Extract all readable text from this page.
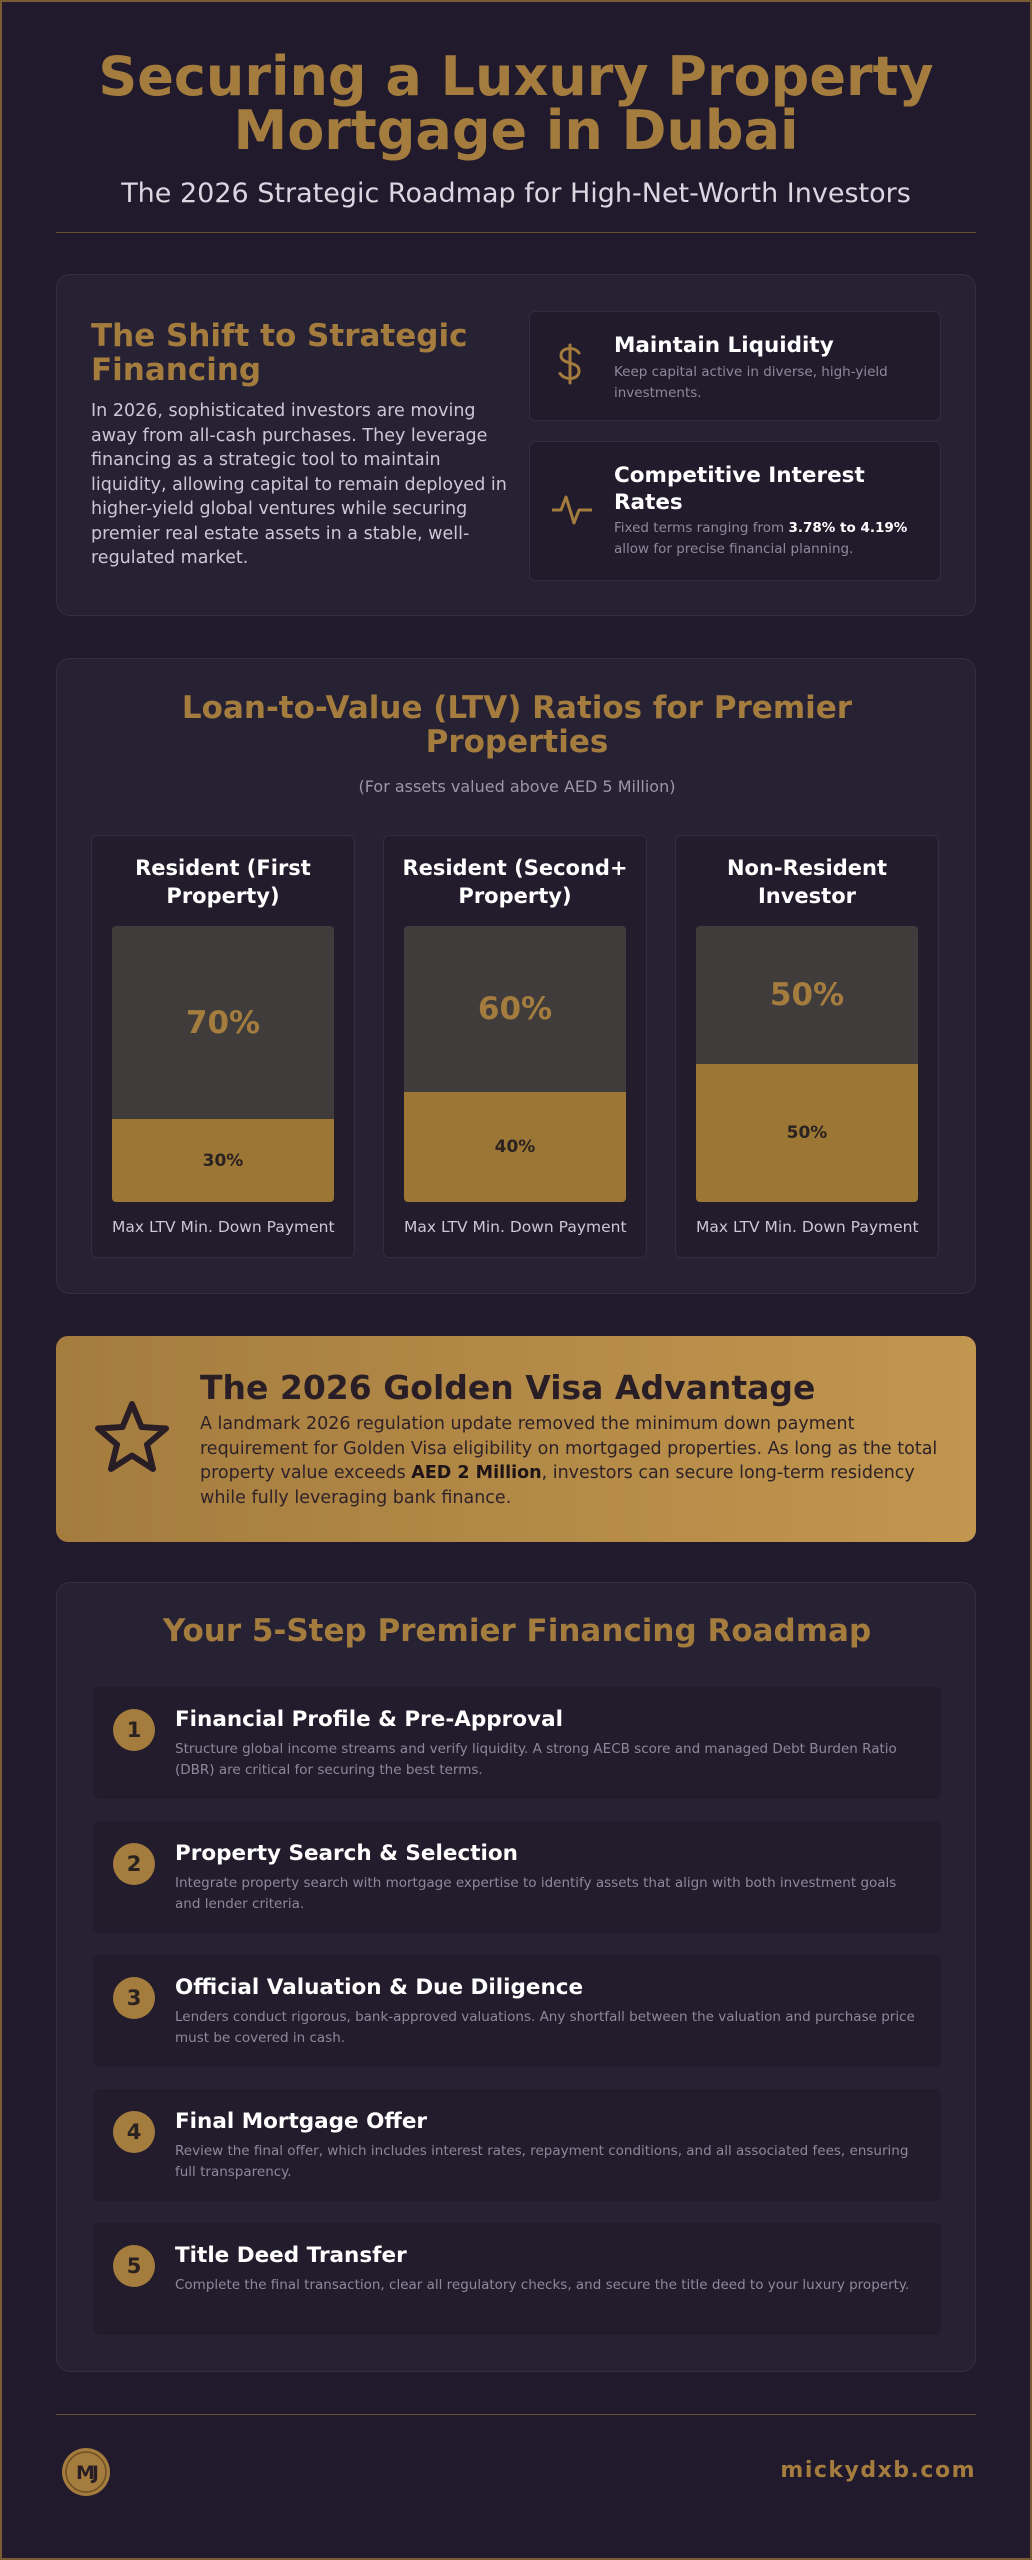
Securing a Luxury Property
Mortgage in Dubai
The 2026 Strategic Roadmap for High-Net-Worth Investors
The Shift to Strategic Financing
In 2026, sophisticated investors are moving away from all-cash purchases. They leverage financing as a strategic tool to maintain liquidity, allowing capital to remain deployed in higher-yield global ventures while securing premier real estate assets in a stable, well-regulated market.
Maintain Liquidity
Keep capital active in diverse, high-yield investments.
Competitive Interest Rates
Fixed terms ranging from 3.78% to 4.19% allow for precise financial planning.
Loan-to-Value (LTV) Ratios for Premier Properties
(For assets valued above AED 5 Million)
Resident (First Property)
70%
30%
Max LTV Min. Down Payment
Resident (Second+ Property)
60%
40%
Max LTV Min. Down Payment
Non-Resident Investor
50%
50%
Max LTV Min. Down Payment
The 2026 Golden Visa Advantage

A landmark 2026 regulation update removed the minimum down payment requirement for Golden Visa eligibility on mortgaged properties. As long as the total property value exceeds AED 2 Million, investors can secure long-term residency while fully leveraging bank finance.

Your 5-Step Premier Financing Roadmap
1	Financial Profile & Pre-Approval
Structure global income streams and verify liquidity. A strong AECB score and managed Debt Burden Ratio (DBR) are critical for securing the best terms.
2	Property Search & Selection
Integrate property search with mortgage expertise to identify assets that align with both investment goals and lender criteria.
3	Official Valuation & Due Diligence
Lenders conduct rigorous, bank-approved valuations. Any shortfall between the valuation and purchase price must be covered in cash.
4	Final Mortgage Offer
Review the final offer, which includes interest rates, repayment conditions, and all associated fees, ensuring full transparency.
5	Title Deed Transfer
Complete the final transaction, clear all regulatory checks, and secure the title deed to your luxury property.
MJ	mickydxb.com
